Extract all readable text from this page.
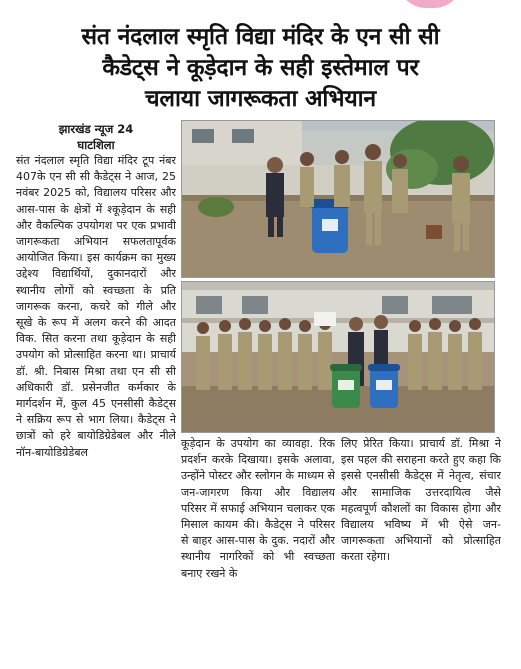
संत नंदलाल स्मृति विद्या मंदिर के एन सी सी
कैडेट्स ने कूड़ेदान के सही इस्तेमाल पर
चलाया जागरूकता अभियान
झारखंड न्यूज 24
घाटशिला
संत नंदलाल स्मृति विद्या मंदिर टूप नंबर 407के एन सी सी कैडेट्स ने आज, 25 नवंबर 2025 को, विद्यालय परिसर और आस-पास के क्षेत्रों में श्कूड़ेदान के सही और वैकल्पिक उपयोगश पर एक प्रभावी जागरूकता अभियान सफलतापूर्वक आयोजित किया। इस कार्यक्रम का मुख्य उद्देश्य विद्यार्थियों, दुकानदारों और स्थानीय लोगों को स्वच्छता के प्रति जागरूक करना, कचरे को गीले और सूखे के रूप में अलग करने की आदत विक. सित करना तथा कूड़ेदान के सही उपयोग को प्रोत्साहित करना था। प्राचार्य डॉ. श्री. निबास मिश्रा तथा एन सी सी अधिकारी डॉ. प्रसेनजीत कर्मकार के मार्गदर्शन में, कुल 45 एनसीसी कैडेट्स ने सक्रिय रूप से भाग लिया। कैडेट्स ने छात्रों को हरे बायोडिग्रेडेबल और नीले नॉन-बायोडिग्रेडेबल
कूड़ेदान के उपयोग का व्यावहा. रिक प्रदर्शन करके दिखाया। इसके अलावा, उन्होंने पोस्टर और स्लोगन के माध्यम से जन-जागरण किया और विद्यालय परिसर में सफाई अभियान चलाकर एक मिसाल कायम की। कैडेट्स ने परिसर से बाहर आस-पास के दुक. नदारों और स्थानीय नागरिकों को भी स्वच्छता बनाए रखने के
लिए प्रेरित किया। प्राचार्य डॉ. मिश्रा ने इस पहल की सराहना करते हुए कहा कि इससे एनसीसी कैडेट्स में नेतृत्व, संचार और सामाजिक उत्तरदायित्व जैसे महत्वपूर्ण कौशलों का विकास होगा और विद्यालय भविष्य में भी ऐसे जन-जागरूकता अभियानों को प्रोत्साहित करता रहेगा।
